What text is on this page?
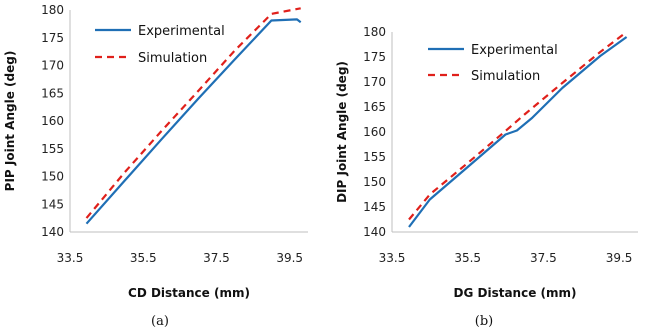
140
145
150
155
160
165
170
175
180
33.5	35.5	37.5	39.5
Experimental
Simulation
CD Distance (mm)
PIP Joint Angle (deg)
(a)
140
145
150
155
160
165
170
175
180
33.5	35.5	37.5	39.5
Experimental
Simulation
DG Distance (mm)
DIP Joint Angle (deg)
(b)
